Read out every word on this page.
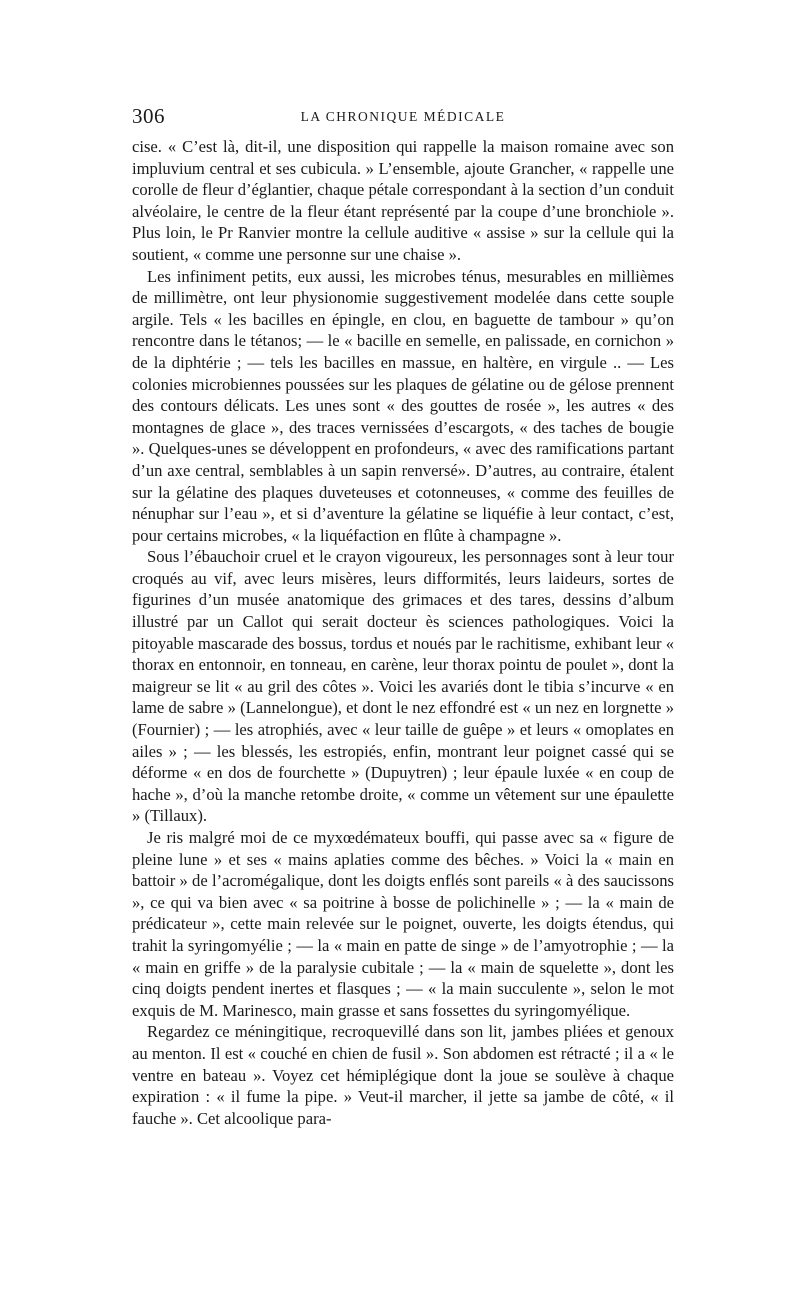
306	LA CHRONIQUE MÉDICALE

cise. « C’est là, dit-il, une disposition qui rappelle la maison romaine avec son impluvium central et ses cubicula. » L’ensemble, ajoute Grancher, « rappelle une corolle de fleur d’églantier, chaque pétale correspondant à la section d’un conduit alvéolaire, le centre de la fleur étant représenté par la coupe d’une bronchiole ». Plus loin, le Pr Ranvier montre la cellule auditive « assise » sur la cellule qui la soutient, « comme une personne sur une chaise ».

Les infiniment petits, eux aussi, les microbes ténus, mesurables en millièmes de millimètre, ont leur physionomie suggestivement modelée dans cette souple argile. Tels « les bacilles en épingle, en clou, en baguette de tambour » qu’on rencontre dans le tétanos; — le « bacille en semelle, en palissade, en cornichon » de la diphtérie ; — tels les bacilles en massue, en haltère, en virgule .. — Les colonies microbiennes poussées sur les plaques de gélatine ou de gélose prennent des contours délicats. Les unes sont « des gouttes de rosée », les autres « des montagnes de glace », des traces vernissées d’escargots, « des taches de bougie ». Quelques-unes se développent en profondeurs, « avec des ramifications partant d’un axe central, semblables à un sapin renversé». D’autres, au contraire, étalent sur la gélatine des plaques duveteuses et cotonneuses, « comme des feuilles de nénuphar sur l’eau », et si d’aventure la gélatine se liquéfie à leur contact, c’est, pour certains microbes, « la liquéfaction en flûte à champagne ».

Sous l’ébauchoir cruel et le crayon vigoureux, les personnages sont à leur tour croqués au vif, avec leurs misères, leurs difformités, leurs laideurs, sortes de figurines d’un musée anatomique des grimaces et des tares, dessins d’album illustré par un Callot qui serait docteur ès sciences pathologiques. Voici la pitoyable mascarade des bossus, tordus et noués par le rachitisme, exhibant leur « thorax en entonnoir, en tonneau, en carène, leur thorax pointu de poulet », dont la maigreur se lit « au gril des côtes ». Voici les avariés dont le tibia s’incurve « en lame de sabre » (Lannelongue), et dont le nez effondré est « un nez en lorgnette » (Fournier) ; — les atrophiés, avec « leur taille de guêpe » et leurs « omoplates en ailes » ; — les blessés, les estropiés, enfin, montrant leur poignet cassé qui se déforme « en dos de fourchette » (Dupuytren) ; leur épaule luxée « en coup de hache », d’où la manche retombe droite, « comme un vêtement sur une épaulette » (Tillaux).

Je ris malgré moi de ce myxœdémateux bouffi, qui passe avec sa « figure de pleine lune » et ses « mains aplaties comme des bêches. » Voici la « main en battoir » de l’acromégalique, dont les doigts enflés sont pareils « à des saucissons », ce qui va bien avec « sa poitrine à bosse de polichinelle » ; — la « main de prédicateur », cette main relevée sur le poignet, ouverte, les doigts étendus, qui trahit la syringomyélie ; — la « main en patte de singe » de l’amyotrophie ; — la « main en griffe » de la paralysie cubitale ; — la « main de squelette », dont les cinq doigts pendent inertes et flasques ; — « la main succulente », selon le mot exquis de M. Marinesco, main grasse et sans fossettes du syringomyélique.

Regardez ce méningitique, recroquevillé dans son lit, jambes pliées et genoux au menton. Il est « couché en chien de fusil ». Son abdomen est rétracté ; il a « le ventre en bateau ». Voyez cet hémiplégique dont la joue se soulève à chaque expiration : « il fume la pipe. » Veut-il marcher, il jette sa jambe de côté, « il fauche ». Cet alcoolique para-
